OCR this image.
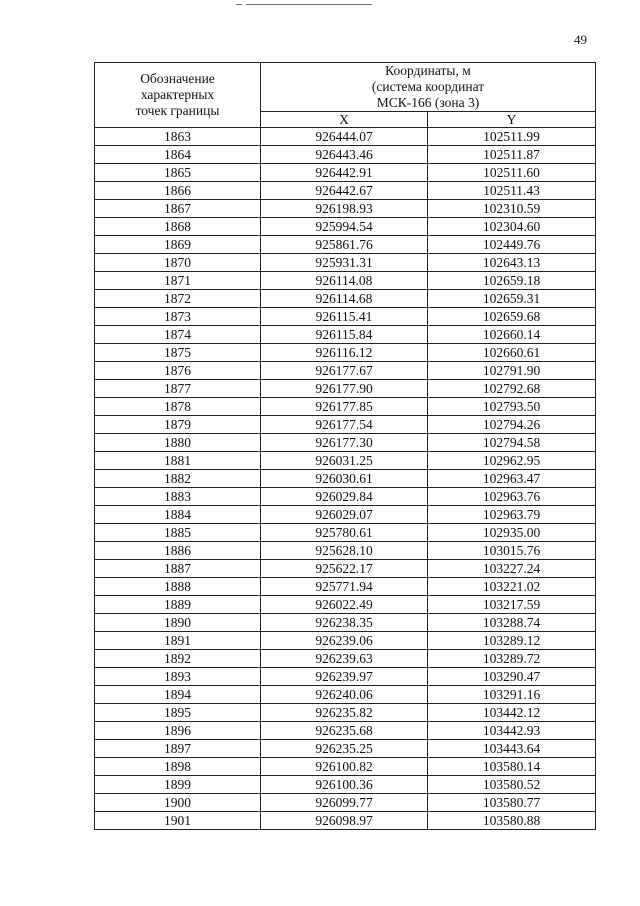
49
Обозначение
характерных
точек границы	Координаты, м
(система координат
МСК-166 (зона 3)	
	X	Y
1863	926444.07	102511.99
1864	926443.46	102511.87
1865	926442.91	102511.60
1866	926442.67	102511.43
1867	926198.93	102310.59
1868	925994.54	102304.60
1869	925861.76	102449.76
1870	925931.31	102643.13
1871	926114.08	102659.18
1872	926114.68	102659.31
1873	926115.41	102659.68
1874	926115.84	102660.14
1875	926116.12	102660.61
1876	926177.67	102791.90
1877	926177.90	102792.68
1878	926177.85	102793.50
1879	926177.54	102794.26
1880	926177.30	102794.58
1881	926031.25	102962.95
1882	926030.61	102963.47
1883	926029.84	102963.76
1884	926029.07	102963.79
1885	925780.61	102935.00
1886	925628.10	103015.76
1887	925622.17	103227.24
1888	925771.94	103221.02
1889	926022.49	103217.59
1890	926238.35	103288.74
1891	926239.06	103289.12
1892	926239.63	103289.72
1893	926239.97	103290.47
1894	926240.06	103291.16
1895	926235.82	103442.12
1896	926235.68	103442.93
1897	926235.25	103443.64
1898	926100.82	103580.14
1899	926100.36	103580.52
1900	926099.77	103580.77
1901	926098.97	103580.88
